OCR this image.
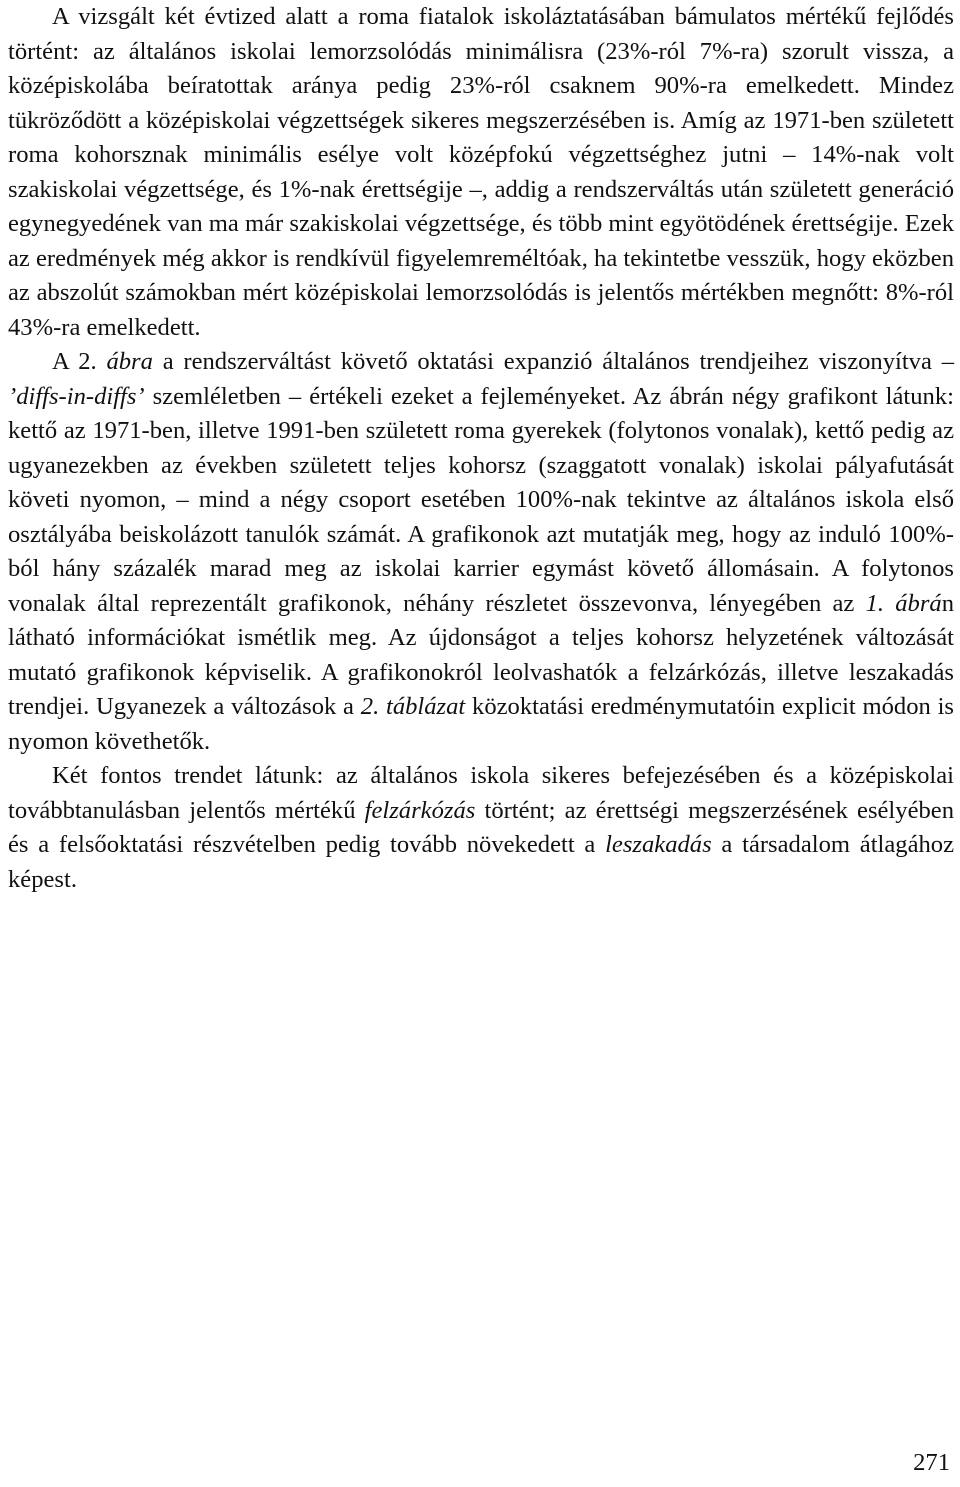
A vizsgált két évtized alatt a roma fiatalok iskoláztatásában bámulatos mértékű fejlődés történt: az általános iskolai lemorzsolódás minimálisra (23%-ról 7%-ra) szorult vissza, a középiskolába beíratottak aránya pedig 23%-ról csaknem 90%-ra emelkedett. Mindez tükröződött a középiskolai végzettségek sikeres megszerzésében is. Amíg az 1971-ben született roma kohorsznak minimális esélye volt középfokú végzettséghez jutni – 14%-nak volt szakiskolai végzettsége, és 1%-nak érettségije –, addig a rendszerváltás után született generáció egynegyedének van ma már szakiskolai végzettsége, és több mint egyötödének érettségije. Ezek az eredmények még akkor is rendkívül figyelemreméltóak, ha tekintetbe vesszük, hogy eközben az abszolút számokban mért középiskolai lemorzsolódás is jelentős mértékben megnőtt: 8%-ról 43%-ra emelkedett.

A 2. ábra a rendszerváltást követő oktatási expanzió általános trendjeihez viszonyítva – ’diffs-in-diffs’ szemléletben – értékeli ezeket a fejleményeket. Az ábrán négy grafikont látunk: kettő az 1971-ben, illetve 1991-ben született roma gyerekek (folytonos vonalak), kettő pedig az ugyanezekben az években született teljes kohorsz (szaggatott vonalak) iskolai pályafutását követi nyomon, – mind a négy csoport esetében 100%-nak tekintve az általános iskola első osztályába beiskolázott tanulók számát. A grafikonok azt mutatják meg, hogy az induló 100%-ból hány százalék marad meg az iskolai karrier egymást követő állomásain. A folytonos vonalak által reprezentált grafikonok, néhány részletet összevonva, lényegében az 1. ábrán látható információkat ismétlik meg. Az újdonságot a teljes kohorsz helyzetének változását mutató grafikonok képviselik. A grafikonokról leolvashatók a felzárkózás, illetve leszakadás trendjei. Ugyanezek a változások a 2. táblázat közoktatási eredménymutatóin explicit módon is nyomon követhetők.

Két fontos trendet látunk: az általános iskola sikeres befejezésében és a középiskolai továbbtanulásban jelentős mértékű felzárkózás történt; az érettségi megszerzésének esélyében és a felsőoktatási részvételben pedig tovább növekedett a leszakadás a társadalom átlagához képest.

271
